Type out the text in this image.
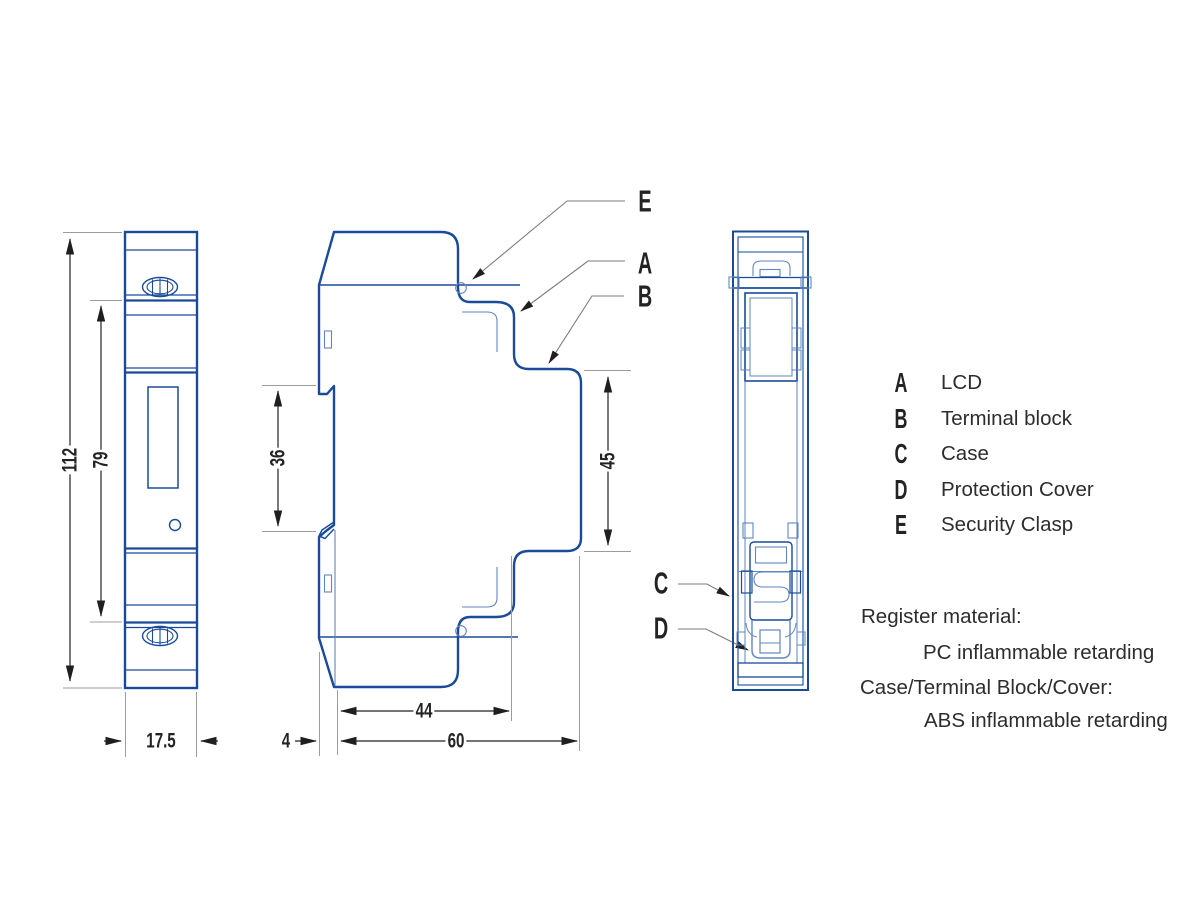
112 79
17.5
36	45
44
60
4
E
A
B
C
D
A LCD
B Terminal block
C Case
D Protection Cover
E Security Clasp
Register material:
PC inflammable retarding
Case/Terminal Block/Cover:
ABS inflammable retarding
